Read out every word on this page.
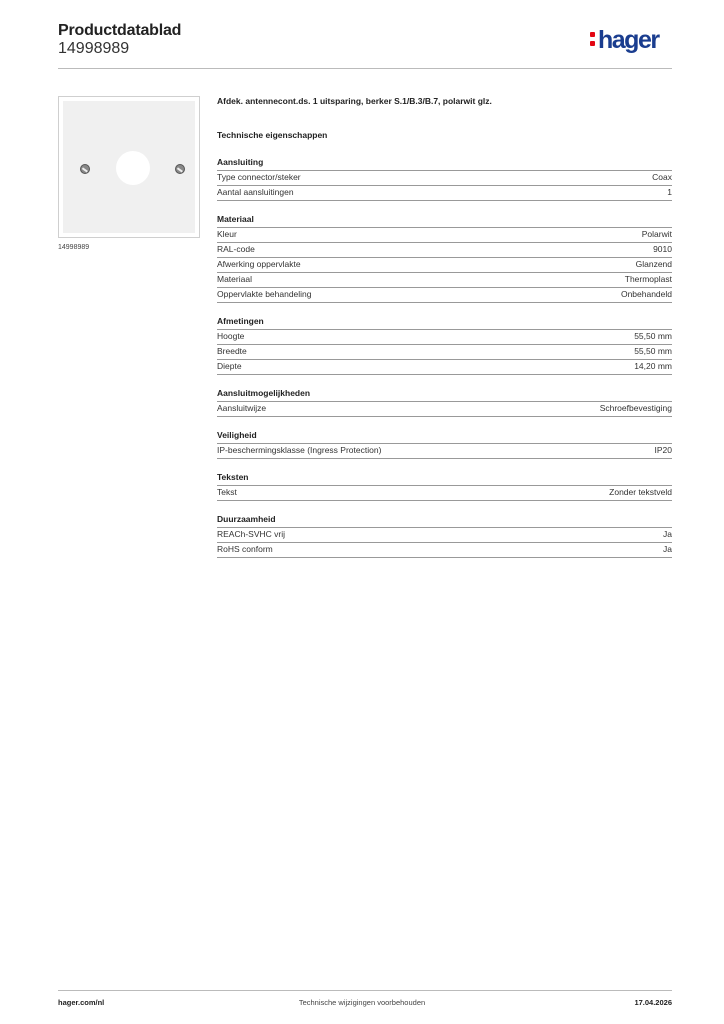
Productdatablad
14998989	hager
14998989
Afdek. antennecont.ds. 1 uitsparing, berker S.1/B.3/B.7, polarwit glz.
Technische eigenschappen
Aansluiting
Type connector/steker	Coax
Aantal aansluitingen	1
Materiaal
Kleur	Polarwit
RAL-code	9010
Afwerking oppervlakte	Glanzend
Materiaal	Thermoplast
Oppervlakte behandeling	Onbehandeld
Afmetingen
Hoogte	55,50 mm
Breedte	55,50 mm
Diepte	14,20 mm
Aansluitmogelijkheden
Aansluitwijze	Schroefbevestiging
Veiligheid
IP-beschermingsklasse (Ingress Protection)	IP20
Teksten
Tekst	Zonder tekstveld
Duurzaamheid
REACh-SVHC vrij	Ja
RoHS conform	Ja
hager.com/nl	Technische wijzigingen voorbehouden	17.04.2026
